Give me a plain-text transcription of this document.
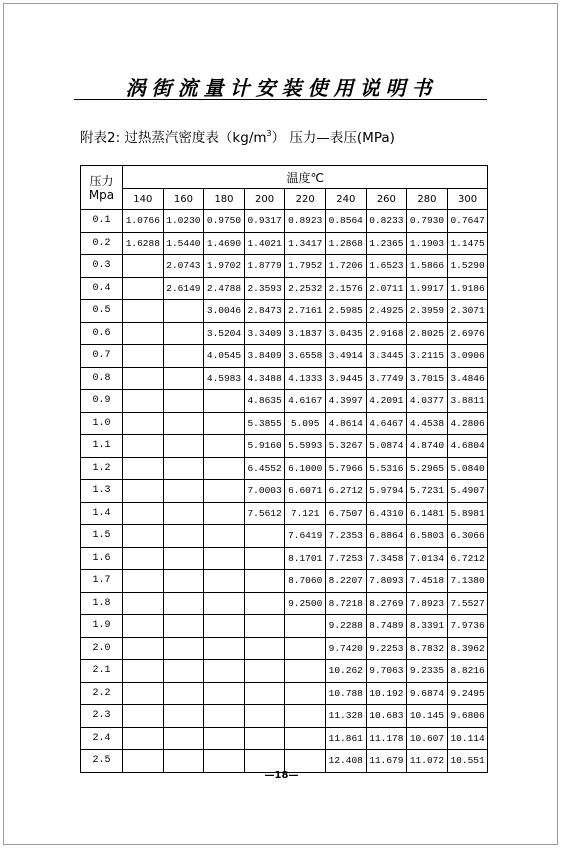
涡街流量计安装使用说明书
附表2: 过热蒸汽密度表$(kg/m^3)$ 压力—表压(MPa)
压力
Mpa	温度℃								
	140	160	180	200	220	240	260	280	300
0.1	1.0766	1.0230	0.9750	0.9317	0.8923	0.8564	0.8233	0.7930	0.7647
0.2	1.6288	1.5440	1.4690	1.4021	1.3417	1.2868	1.2365	1.1903	1.1475
0.3		2.0743	1.9702	1.8779	1.7952	1.7206	1.6523	1.5866	1.5290
0.4		2.6149	2.4788	2.3593	2.2532	2.1576	2.0711	1.9917	1.9186
0.5			3.0046	2.8473	2.7161	2.5985	2.4925	2.3959	2.3071
0.6			3.5204	3.3409	3.1837	3.0435	2.9168	2.8025	2.6976
0.7			4.0545	3.8409	3.6558	3.4914	3.3445	3.2115	3.0906
0.8			4.5983	4.3488	4.1333	3.9445	3.7749	3.7015	3.4846
0.9				4.8635	4.6167	4.3997	4.2091	4.0377	3.8811
1.0				5.3855	5.095	4.8614	4.6467	4.4538	4.2806
1.1				5.9160	5.5993	5.3267	5.0874	4.8740	4.6804
1.2				6.4552	6.1000	5.7966	5.5316	5.2965	5.0840
1.3				7.0003	6.6071	6.2712	5.9794	5.7231	5.4907
1.4				7.5612	7.121	6.7507	6.4310	6.1481	5.8981
1.5					7.6419	7.2353	6.8864	6.5803	6.3066
1.6					8.1701	7.7253	7.3458	7.0134	6.7212
1.7					8.7060	8.2207	7.8093	7.4518	7.1380
1.8					9.2500	8.7218	8.2769	7.8923	7.5527
1.9						9.2288	8.7489	8.3391	7.9736
2.0						9.7420	9.2253	8.7832	8.3962
2.1						10.262	9.7063	9.2335	8.8216
2.2						10.788	10.192	9.6874	9.2495
2.3						11.328	10.683	10.145	9.6806
2.4						11.861	11.178	10.607	10.114
2.5						12.408	11.679	11.072	10.551
—18—
